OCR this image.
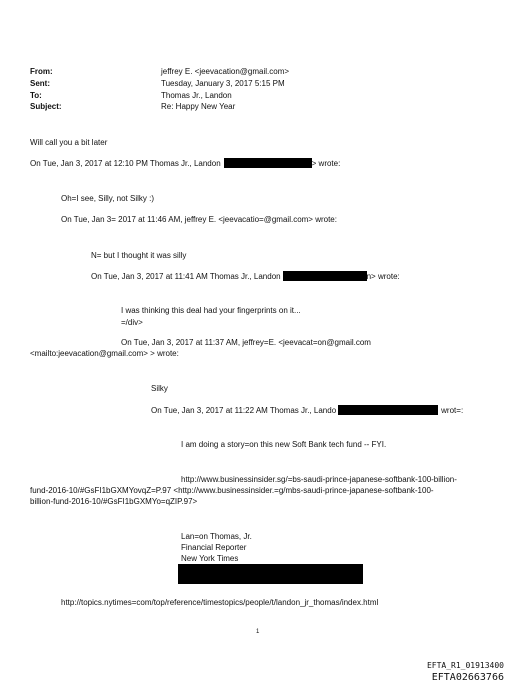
From:	jeffrey E. <jeevacation@gmail.com>
Sent:	Tuesday, January 3, 2017 5:15 PM
To:	Thomas Jr., Landon
Subject:	Re: Happy New Year
Will call you a bit later
On Tue, Jan 3, 2017 at 12:10 PM Thomas Jr., Landon	> wrote:
Oh=I see, Silly, not Silky :)
On Tue, Jan 3= 2017 at 11:46 AM, jeffrey E. <jeevacatio=@gmail.com> wrote:
N= but I thought it was silly
On Tue, Jan 3, 2017 at 11:41 AM Thomas Jr., Landon	n> wrote:
I was thinking this deal had your fingerprints on it...
=/div>
On Tue, Jan 3, 2017 at 11:37 AM, jeffrey=E. <jeevacat=on@gmail.com
<mailto:jeevacation@gmail.com> > wrote:
Silky
On Tue, Jan 3, 2017 at 11:22 AM Thomas Jr., Lando	wrot=:
I am doing a story=on this new Soft Bank tech fund -- FYI.
http://www.businessinsider.sg/=bs-saudi-prince-japanese-softbank-100-billion-
fund-2016-10/#GsFI1bGXMYovqZ=P.97 <http://www.businessinsider.=g/mbs-saudi-prince-japanese-softbank-100-
billion-fund-2016-10/#GsFI1bGXMYo=qZIP.97>
Lan=on Thomas, Jr.
Financial Reporter
New York Times
http://topics.nytimes=com/top/reference/timestopics/people/t/landon_jr_thomas/index.html
1
EFTA_R1_01913400
EFTA02663766
